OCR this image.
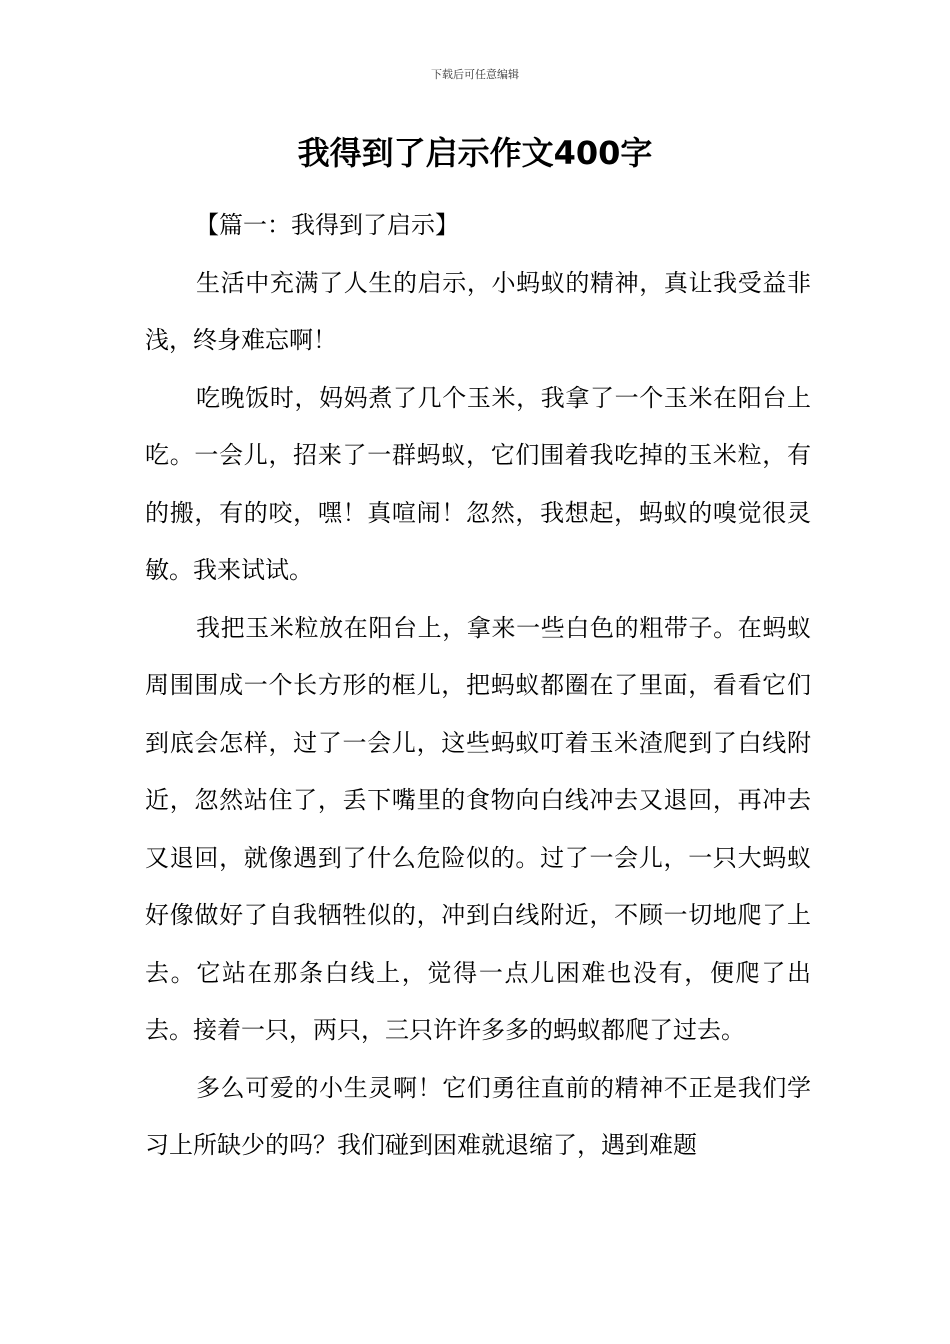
下载后可任意编辑
我得到了启示作文400字

【篇一：我得到了启示】

生活中充满了人生的启示，小蚂蚁的精神，真让我受益非浅，终身难忘啊！

吃晚饭时，妈妈煮了几个玉米，我拿了一个玉米在阳台上吃。一会儿，招来了一群蚂蚁，它们围着我吃掉的玉米粒，有的搬，有的咬，嘿！真喧闹！忽然，我想起，蚂蚁的嗅觉很灵敏。我来试试。

我把玉米粒放在阳台上，拿来一些白色的粗带子。在蚂蚁周围围成一个长方形的框儿，把蚂蚁都圈在了里面，看看它们到底会怎样，过了一会儿，这些蚂蚁叮着玉米渣爬到了白线附近，忽然站住了，丢下嘴里的食物向白线冲去又退回，再冲去又退回，就像遇到了什么危险似的。过了一会儿，一只大蚂蚁好像做好了自我牺牲似的，冲到白线附近，不顾一切地爬了上去。它站在那条白线上，觉得一点儿困难也没有，便爬了出去。接着一只，两只，三只许许多多的蚂蚁都爬了过去。

多么可爱的小生灵啊！它们勇往直前的精神不正是我们学习上所缺少的吗？我们碰到困难就退缩了，遇到难题
